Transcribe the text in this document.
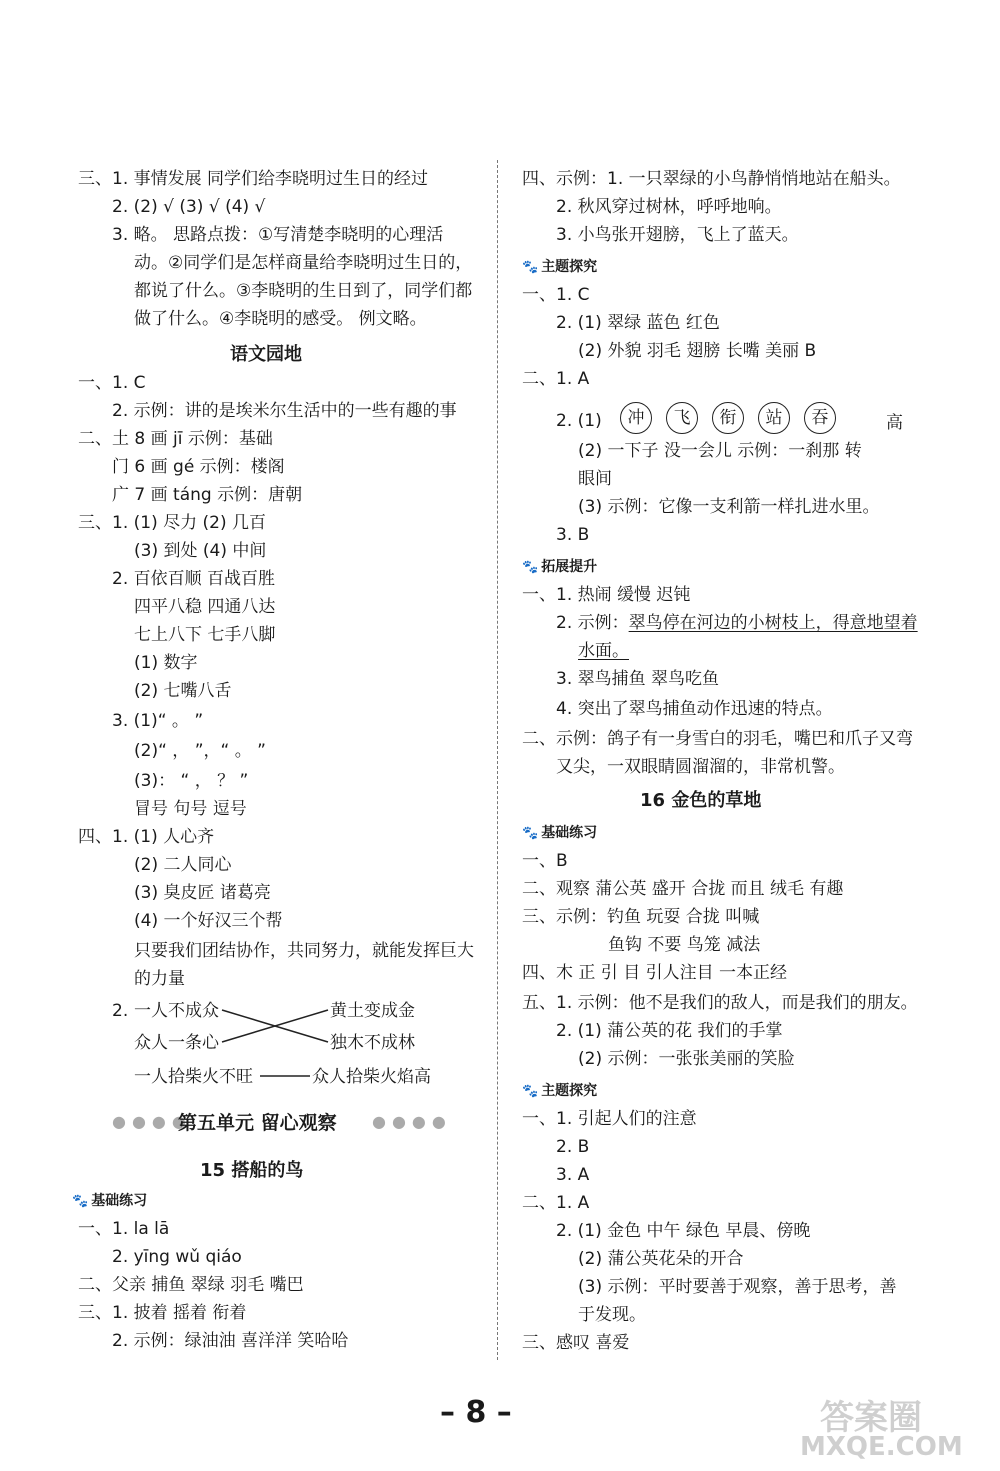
三、1. 事情发展 同学们给李晓明过生日的经过
2. (2) √ (3) √ (4) √
3. 略。 思路点拨：①写清楚李晓明的心理活
动。②同学们是怎样商量给李晓明过生日的，
都说了什么。③李晓明的生日到了，同学们都
做了什么。④李晓明的感受。 例文略。
语文园地
一、1. C
2. 示例：讲的是埃米尔生活中的一些有趣的事
二、土 8 画 jī 示例：基础
门 6 画 gé 示例：楼阁
广 7 画 táng 示例：唐朝
三、1. (1) 尽力 (2) 几百
(3) 到处 (4) 中间
2. 百依百顺 百战百胜
四平八稳 四通八达
七上八下 七手八脚
(1) 数字
(2) 七嘴八舌
3. (1)“ 。 ”
(2)“ ， ”，“ 。 ”
(3)： “ ， ？ ”
冒号 句号 逗号
四、1. (1) 人心齐
(2) 二人同心
(3) 臭皮匠 诸葛亮
(4) 一个好汉三个帮
只要我们团结协作，共同努力，就能发挥巨大
的力量
2. 一人不成众
众人一条心
一人拾柴火不旺
黄土变成金
独木不成林
众人拾柴火焰高
●●●●
第五单元 留心观察 ●●●●
15 搭船的鸟
🐾 基础练习
一、1. la lā
2. yīng wǔ qiáo
二、父亲 捕鱼 翠绿 羽毛 嘴巴
三、1. 披着 摇着 衔着
2. 示例：绿油油 喜洋洋 笑哈哈
四、示例：1. 一只翠绿的小鸟静悄悄地站在船头。
2. 秋风穿过树林，呼呼地响。
3. 小鸟张开翅膀，飞上了蓝天。
🐾 主题探究
一、1. C
2. (1) 翠绿 蓝色 红色
(2) 外貌 羽毛 翅膀 长嘴 美丽 B
二、1. A
2. (1)	冲 飞 衔 站 吞	高
(2) 一下子 没一会儿 示例：一刹那 转
眼间
(3) 示例：它像一支利箭一样扎进水里。
3. B
🐾 拓展提升
一、1. 热闹 缓慢 迟钝
2. 示例：翠鸟停在河边的小树枝上，得意地望着
水面。
3. 翠鸟捕鱼 翠鸟吃鱼
4. 突出了翠鸟捕鱼动作迅速的特点。
二、示例：鸽子有一身雪白的羽毛，嘴巴和爪子又弯
又尖，一双眼睛圆溜溜的，非常机警。
16 金色的草地
🐾 基础练习
一、B
二、观察 蒲公英 盛开 合拢 而且 绒毛 有趣
三、示例：钓鱼 玩耍 合拢 叫喊
鱼钩 不要 鸟笼 减法
四、木 正 引 目 引人注目 一本正经
五、1. 示例：他不是我们的敌人，而是我们的朋友。
2. (1) 蒲公英的花 我们的手掌
(2) 示例：一张张美丽的笑脸
🐾 主题探究
一、1. 引起人们的注意
2. B
3. A
二、1. A
2. (1) 金色 中午 绿色 早晨、傍晚
(2) 蒲公英花朵的开合
(3) 示例：平时要善于观察，善于思考，善
于发现。
三、感叹 喜爱
– 8 –	答案圈
MXQE.COM
